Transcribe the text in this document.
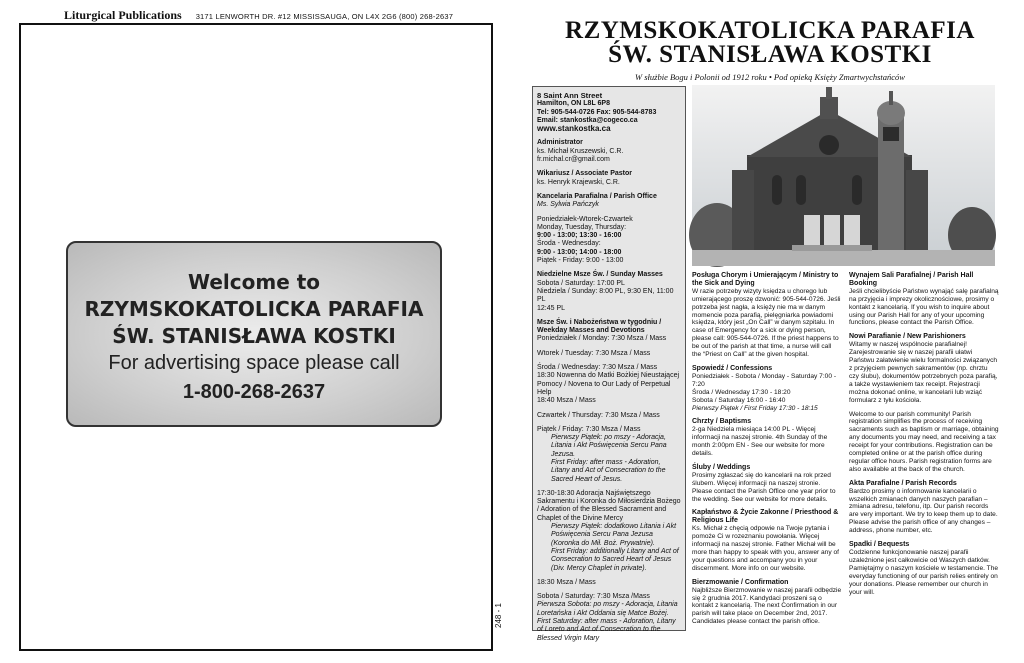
Liturgical Publications 3171 LENWORTH DR. #12 MISSISSAUGA, ON L4X 2G6 (800) 268-2637
Welcome to
RZYMSKOKATOLICKA PARAFIA
ŚW. STANISŁAWA KOSTKI
For advertising space please call
1-800-268-2637
248 - 1
RZYMSKOKATOLICKA PARAFIA
ŚW. STANISŁAWA KOSTKI
W służbie Bogu i Polonii od 1912 roku • Pod opieką Księży Zmartwychstańców
8 Saint Ann Street
Hamilton, ON L8L 6P8
Tel: 905-544-0726 Fax: 905-544-8783
Email: stankostka@cogeco.ca
www.stankostka.ca
Administrator
ks. Michał Kruszewski, C.R.
fr.michal.cr@gmail.com
Wikariusz / Associate Pastor
ks. Henryk Krajewski, C.R.
Kancelaria Parafialna / Parish Office
Ms. Sylwia Pańczyk
Poniedziałek-Wtorek-Czwartek
Monday, Tuesday, Thursday:
9:00 - 13:00; 13:30 - 16:00
Środa - Wednesday:
9:00 - 13:00; 14:00 - 18:00
Piątek - Friday: 9:00 - 13:00
Niedzielne Msze Św. / Sunday Masses
Sobota / Saturday: 17:00 PL
Niedziela / Sunday: 8:00 PL, 9:30 EN, 11:00 PL
12:45 PL
Msze Św. i Nabożeństwa w tygodniu /
Weekday Masses and Devotions
Poniedziałek / Monday: 7:30 Msza / Mass
Wtorek / Tuesday: 7:30 Msza / Mass
Środa / Wednesday: 7:30 Msza / Mass
18:30 Nowenna do Matki Bożkiej Nieustającej
Pomocy / Novena to Our Lady of Perpetual Help
18:40 Msza / Mass
Czwartek / Thursday: 7:30 Msza / Mass
Piątek / Friday: 7:30 Msza / Mass
Pierwszy Piątek: po mszy - Adoracja, Litania i Akt Poświęcenia Sercu Pana Jezusa.
First Friday: after mass - Adoration, Litany and Act of Consecration to the Sacred Heart of Jesus.
17:30-18:30 Adoracja Najświętszego Sakramentu i Koronka do Miłosierdzia Bożego / Adoration of the Blessed Sacrament and Chaplet of the Divine Mercy
Pierwszy Piątek: dodatkowo Litania i Akt Poświęcenia Sercu Pana Jezusa (Koronka do Mił. Boż. Prywatnie).
First Friday: additionally Litany and Act of Consecration to Sacred Heart of Jesus (Div. Mercy Chaplet in private).
18:30 Msza / Mass
Sobota / Saturday: 7:30 Msza /Mass
Pierwsza Sobota: po mszy - Adoracja, Litania Loretańska i Akt Oddania się Matce Bożej.
First Saturday: after mass - Adoration, Litany of Loreto and Act of Consecration to the Blessed Virgin Mary
Posługa Chorym i Umierającym / Ministry to the Sick and Dying
W razie potrzeby wizyty księdza u chorego lub umierającego proszę dzwonić: 905-544-0726. Jeśli potrzeba jest nagła, a księży nie ma w danym momencie poza parafią, pielęgniarka powiadomi księdza, który jest „On Call” w danym szpitalu. In case of Emergency for a sick or dying person, please call: 905-544-0726. If the priest happens to be out of the parish at that time, a nurse will call the “Priest on Call” at the given hospital.
Spowiedź / Confessions
Poniedziałek - Sobota / Monday - Saturday 7:00 - 7:20
Środa / Wednesday 17:30 - 18:20
Sobota / Saturday 16:00 - 16:40
Pierwszy Piątek / First Friday 17:30 - 18:15
Chrzty / Baptisms
2-ga Niedziela miesiąca 14:00 PL - Więcej informacji na naszej stronie. 4th Sunday of the month 2:00pm EN - See our website for more details.
Śluby / Weddings
Prosimy zgłaszać się do kancelarii na rok przed ślubem. Więcej informacji na naszej stronie. Please contact the Parish Office one year prior to the wedding. See our website for more details.
Kapłaństwo & Życie Zakonne / Priesthood & Religious Life
Ks. Michał z chęcią odpowie na Twoje pytania i pomoże Ci w rozeznaniu powołania. Więcej informacji na naszej stronie. Father Michał will be more than happy to speak with you, answer any of your questions and accompany you in your discernment. More info on our website.
Bierzmowanie / Confirmation
Najbliższe Bierzmowanie w naszej parafii odbędzie się 2 grudnia 2017. Kandydaci proszeni są o kontakt z kancelarią. The next Confirmation in our parish will take place on December 2nd, 2017. Candidates please contact the parish office.
Wynajem Sali Parafialnej / Parish Hall Booking
Jeśli chcielibyście Państwo wynająć salę parafialną na przyjęcia i imprezy okolicznościowe, prosimy o kontakt z kancelarią. If you wish to inquire about using our Parish Hall for any of your upcoming functions, please contact the Parish Office.
Nowi Parafianie / New Parishioners
Witamy w naszej wspólnocie parafialnej! Zarejestrowanie się w naszej parafii ułatwi Państwu załatwienie wielu formalności związanych z przyjęciem pewnych sakramentów (np. chrztu czy ślubu), dokumentów potrzebnych poza parafią, a także wystawieniem tax receipt. Rejestracji można dokonać online, w kancelarii lub wziąć formularz z tyłu kościoła.
Welcome to our parish community! Parish registration simplifies the process of receiving sacraments such as baptism or marriage, obtaining any documents you may need, and receiving a tax receipt for your contributions. Registration can be completed online or at the parish office during regular office hours. Parish registration forms are also available at the back of the church.
Akta Parafialne / Parish Records
Bardzo prosimy o informowanie kancelarii o wszelkich zmianach danych naszych parafian – zmiana adresu, telefonu, itp. Our parish records are very important. We try to keep them up to date. Please advise the parish office of any changes – address, phone number, etc.
Spadki / Bequests
Codzienne funkcjonowanie naszej parafii uzależnione jest całkowicie od Waszych datków. Pamiętajmy o naszym kościele w testamencie. The everyday functioning of our parish relies entirely on your donations. Please remember our church in your will.
